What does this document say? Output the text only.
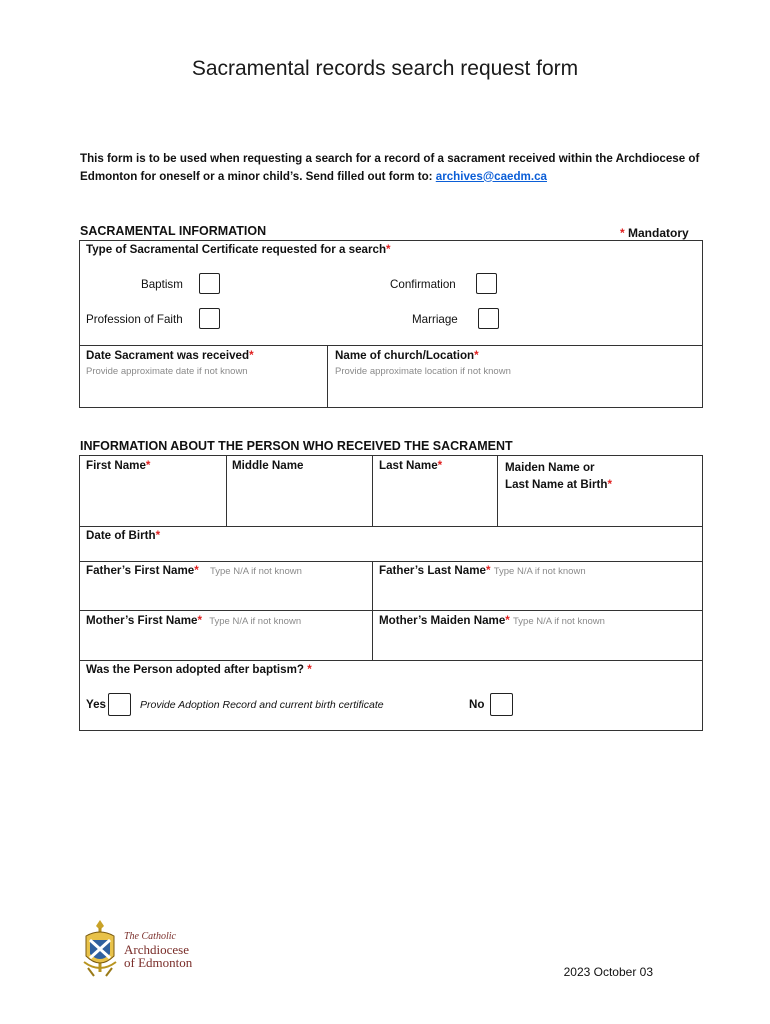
Sacramental records search request form
This form is to be used when requesting a search for a record of a sacrament received within the Archdiocese of Edmonton for oneself or a minor child’s. Send filled out form to: archives@caedm.ca
SACRAMENTAL INFORMATION	* Mandatory
Type of Sacramental Certificate requested for a search*
Baptism	Confirmation
Profession of Faith	Marriage
Date Sacrament was received*
Provide approximate date if not known
Name of church/Location*
Provide approximate location if not known
INFORMATION ABOUT THE PERSON WHO RECEIVED THE SACRAMENT
First Name*	Middle Name	Last Name*	Maiden Name or
Last Name at Birth*
Date of Birth*
Father’s First Name* Type N/A if not known	Father’s Last Name* Type N/A if not known
Mother’s First Name* Type N/A if not known	Mother’s Maiden Name* Type N/A if not known
Was the Person adopted after baptism? *
Yes	Provide Adoption Record and current birth certificate	No
The Catholic
Archdiocese
of Edmonton
2023 October 03
